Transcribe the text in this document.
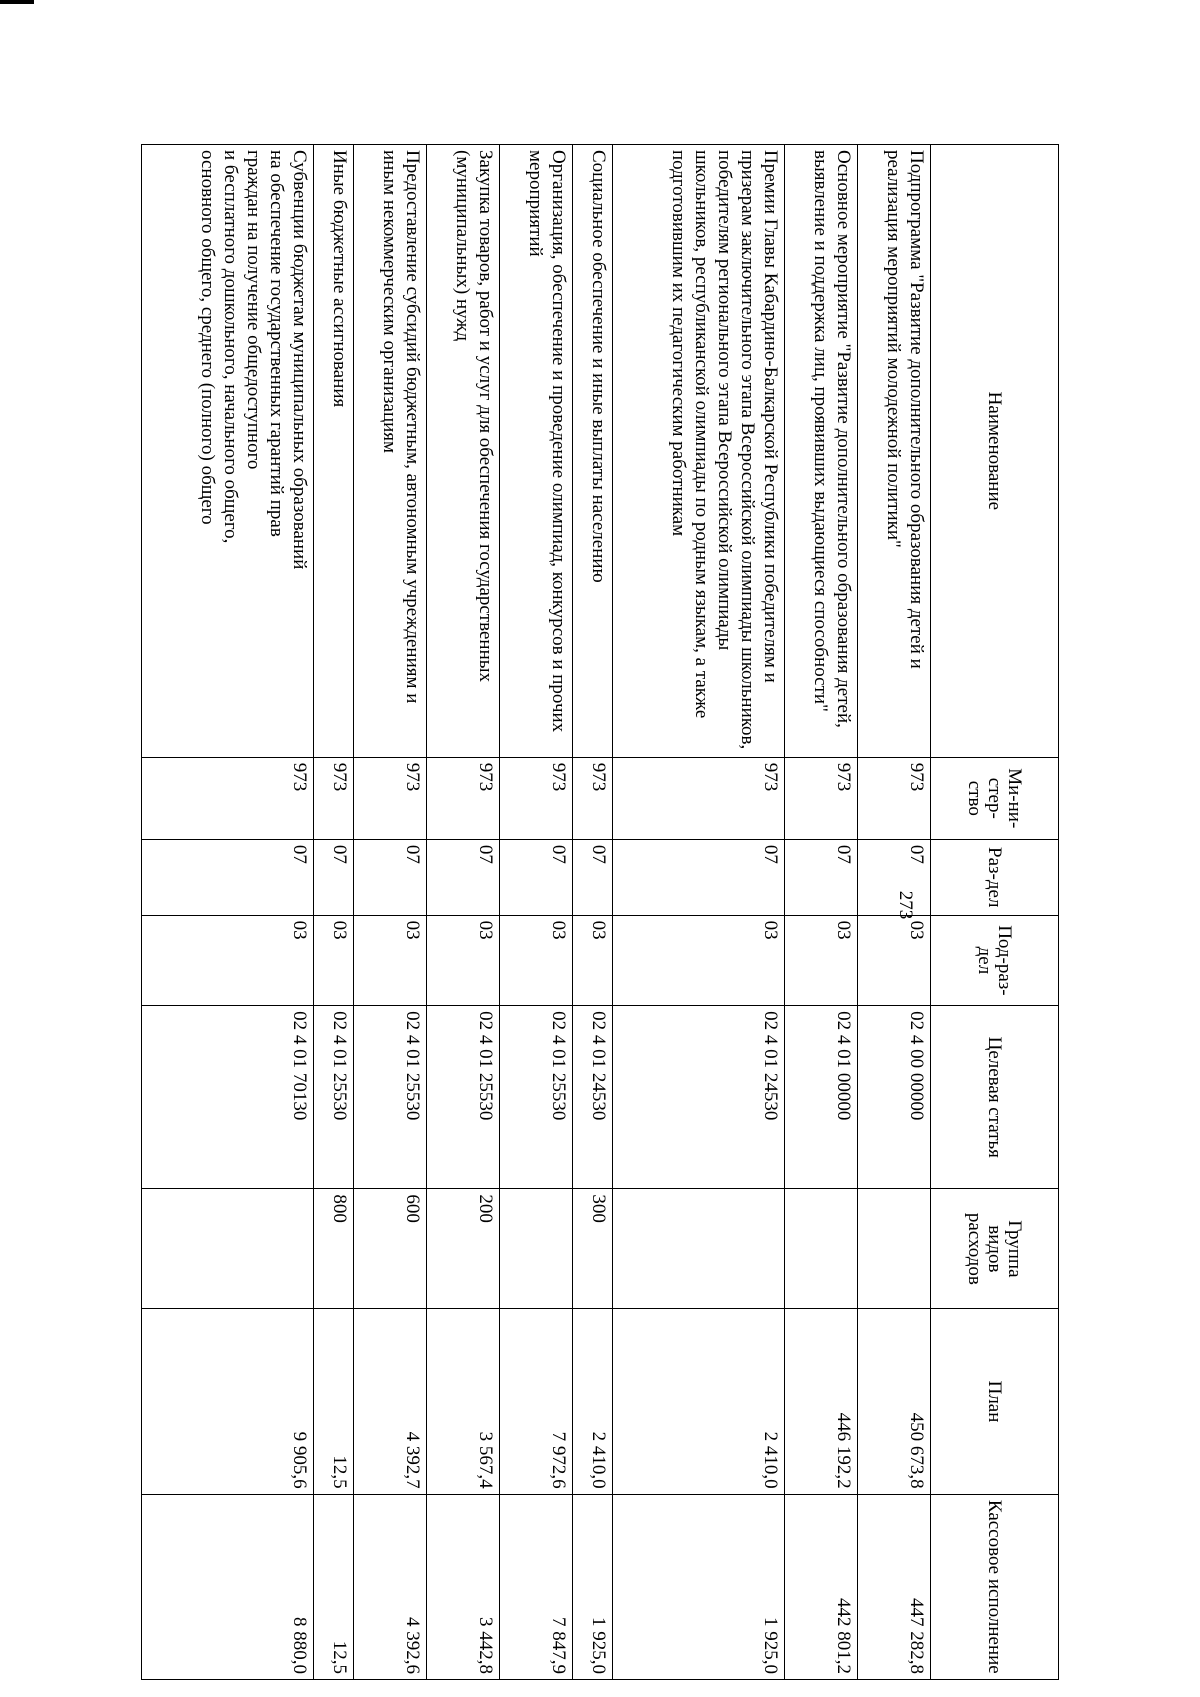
273
Наименование	Ми-ни-стер-ство	Раз-дел	Под-раз-дел	Целевая статья	Группа видов расходов	План	Кассовое исполнение
Подпрограмма "Развитие дополнительного образования детей и реализация мероприятий молодежной политики"	973	07	03	02 4 00 00000		450 673,8	447 282,8
Основное мероприятие "Развитие дополнительного образования детей, выявление и поддержка лиц, проявивших выдающиеся способности"	973	07	03	02 4 01 00000		446 192,2	442 801,2
Премии Главы Кабардино-Балкарской Республики победителям и призерам заключительного этапа Всероссийской олимпиады школьников, победителям регионального этапа Всероссийской олимпиады школьников, республиканской олимпиады по родным языкам, а также подготовившим их педагогическим работникам	973	07	03	02 4 01 24530		2 410,0	1 925,0
Социальное обеспечение и иные выплаты населению	973	07	03	02 4 01 24530	300	2 410,0	1 925,0
Организация, обеспечение и проведение олимпиад, конкурсов и прочих мероприятий	973	07	03	02 4 01 25530		7 972,6	7 847,9
Закупка товаров, работ и услуг для обеспечения государственных (муниципальных) нужд	973	07	03	02 4 01 25530	200	3 567,4	3 442,8
Предоставление субсидий бюджетным, автономным учреждениям и иным некоммерческим организациям	973	07	03	02 4 01 25530	600	4 392,7	4 392,6
Иные бюджетные ассигнования	973	07	03	02 4 01 25530	800	12,5	12,5

Субвенции бюджетам муниципальных образований
на обеспечение государственных гарантий прав
граждан на получение общедоступного
и бесплатного дошкольного, начального общего,
основного общего, среднего (полного) общего	973	07	03	02 4 01 70130		9 905,6	8 880,0
